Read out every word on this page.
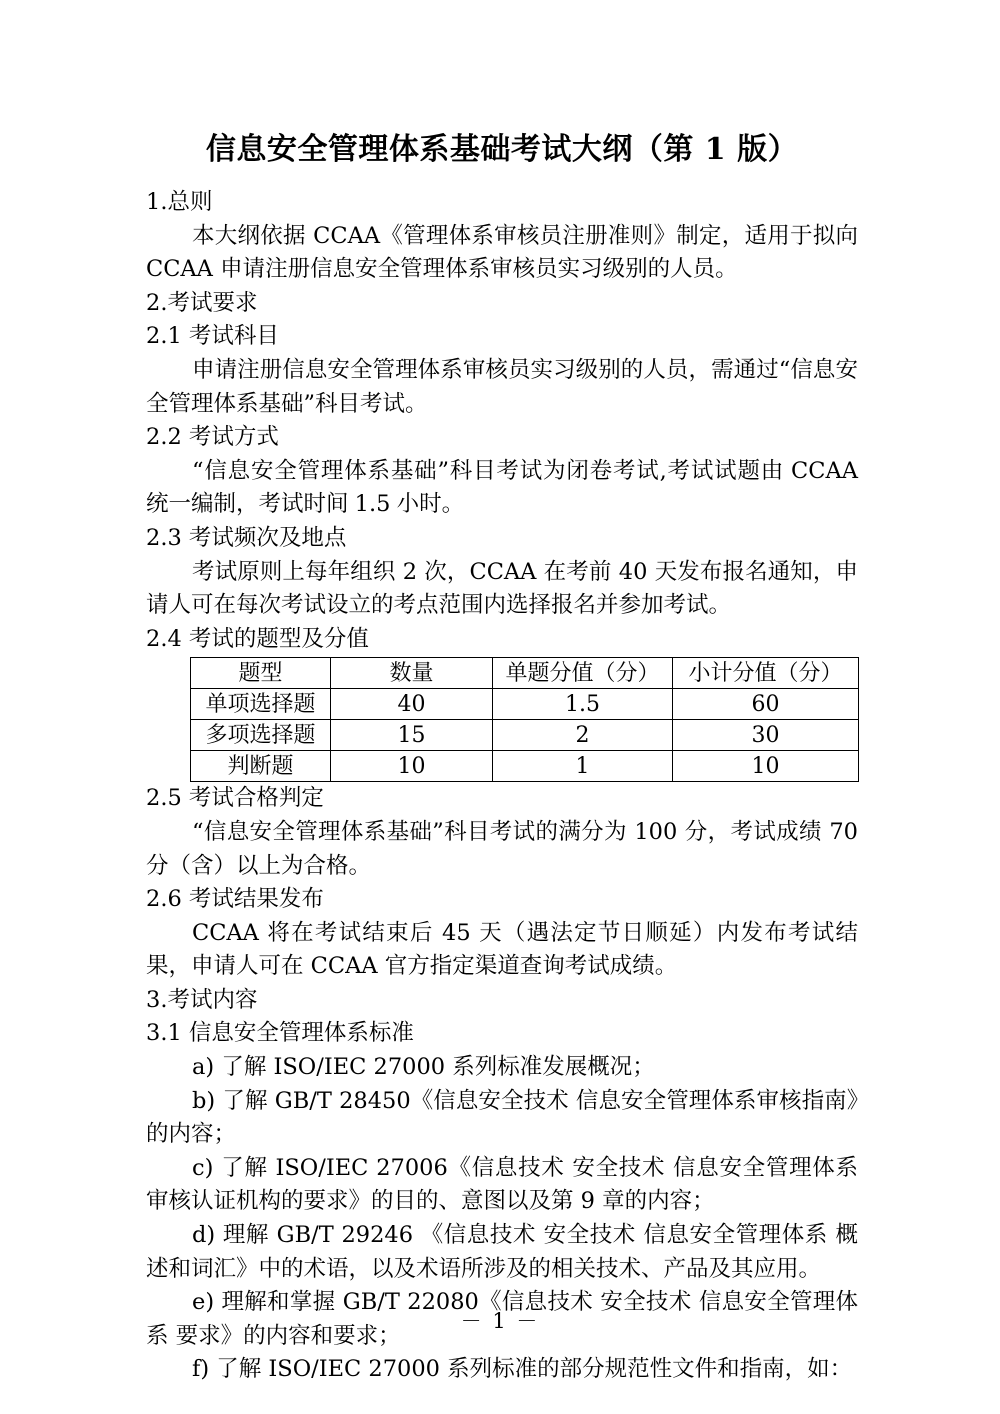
信息安全管理体系基础考试大纲（第 1 版）

1.总则

本大纲依据 CCAA《管理体系审核员注册准则》制定，适用于拟向 CCAA 申请注册信息安全管理体系审核员实习级别的人员。

2.考试要求

2.1 考试科目

申请注册信息安全管理体系审核员实习级别的人员，需通过“信息安全管理体系基础”科目考试。

2.2 考试方式

“信息安全管理体系基础”科目考试为闭卷考试,考试试题由 CCAA 统一编制，考试时间 1.5 小时。

2.3 考试频次及地点

考试原则上每年组织 2 次，CCAA 在考前 40 天发布报名通知，申请人可在每次考试设立的考点范围内选择报名并参加考试。

2.4 考试的题型及分值

题型	数量	单题分值（分）	小计分值（分）
单项选择题	40	1.5	60
多项选择题	15	2	30
判断题	10	1	10

2.5 考试合格判定

“信息安全管理体系基础”科目考试的满分为 100 分，考试成绩 70 分（含）以上为合格。

2.6 考试结果发布

CCAA 将在考试结束后 45 天（遇法定节日顺延）内发布考试结果，申请人可在 CCAA 官方指定渠道查询考试成绩。

3.考试内容

3.1 信息安全管理体系标准

a) 了解 ISO/IEC 27000 系列标准发展概况；

b) 了解 GB/T 28450《信息安全技术 信息安全管理体系审核指南》的内容；

c) 了解 ISO/IEC 27006《信息技术 安全技术 信息安全管理体系审核认证机构的要求》的目的、意图以及第 9 章的内容；

d) 理解 GB/T 29246 《信息技术 安全技术 信息安全管理体系 概述和词汇》中的术语，以及术语所涉及的相关技术、产品及其应用。

e) 理解和掌握 GB/T 22080《信息技术 安全技术 信息安全管理体系 要求》的内容和要求；

f) 了解 ISO/IEC 27000 系列标准的部分规范性文件和指南，如：

－ 1 －
